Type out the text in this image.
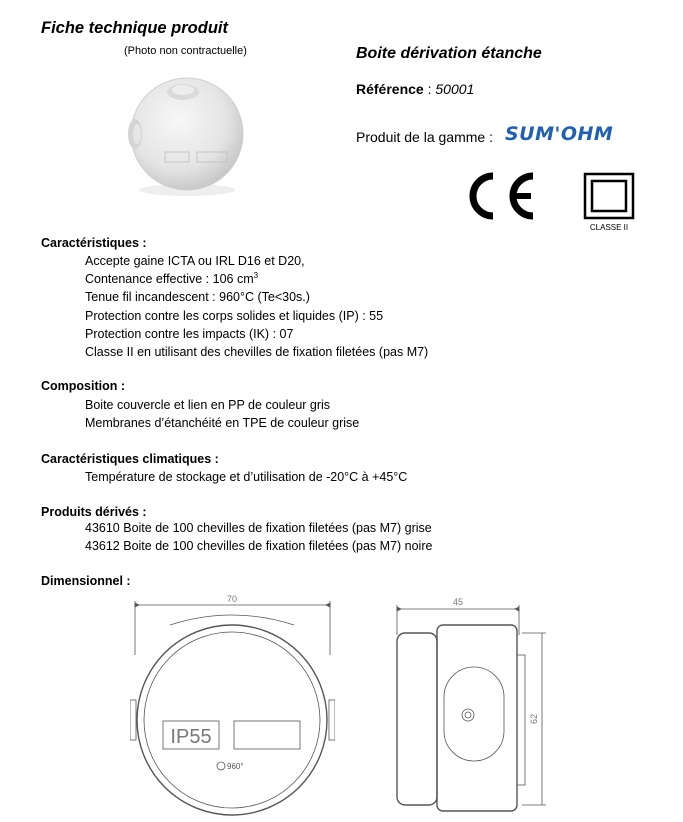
Fiche technique produit
(Photo non contractuelle)	Boite dérivation étanche
Référence : 50001
Produit de la gamme : SUM'OHM
CLASSE II
Caractéristiques :
Accepte gaine ICTA ou IRL D16 et D20,
Contenance effective : 106 $cm^3$
Tenue fil incandescent : 960°C (Te<30s.)
Protection contre les corps solides et liquides (IP) : 55
Protection contre les impacts (IK) : 07
Classe II en utilisant des chevilles de fixation filetées (pas M7)
Composition :
Boite couvercle et lien en PP de couleur gris
Membranes d’étanchéité en TPE de couleur grise
Caractéristiques climatiques :
Température de stockage et d’utilisation de -20°C à +45°C
Produits dérivés :
43610 Boite de 100 chevilles de fixation filetées (pas M7) grise
43612 Boite de 100 chevilles de fixation filetées (pas M7) noire
Dimensionnel :
70
IP55
960°
45
62
